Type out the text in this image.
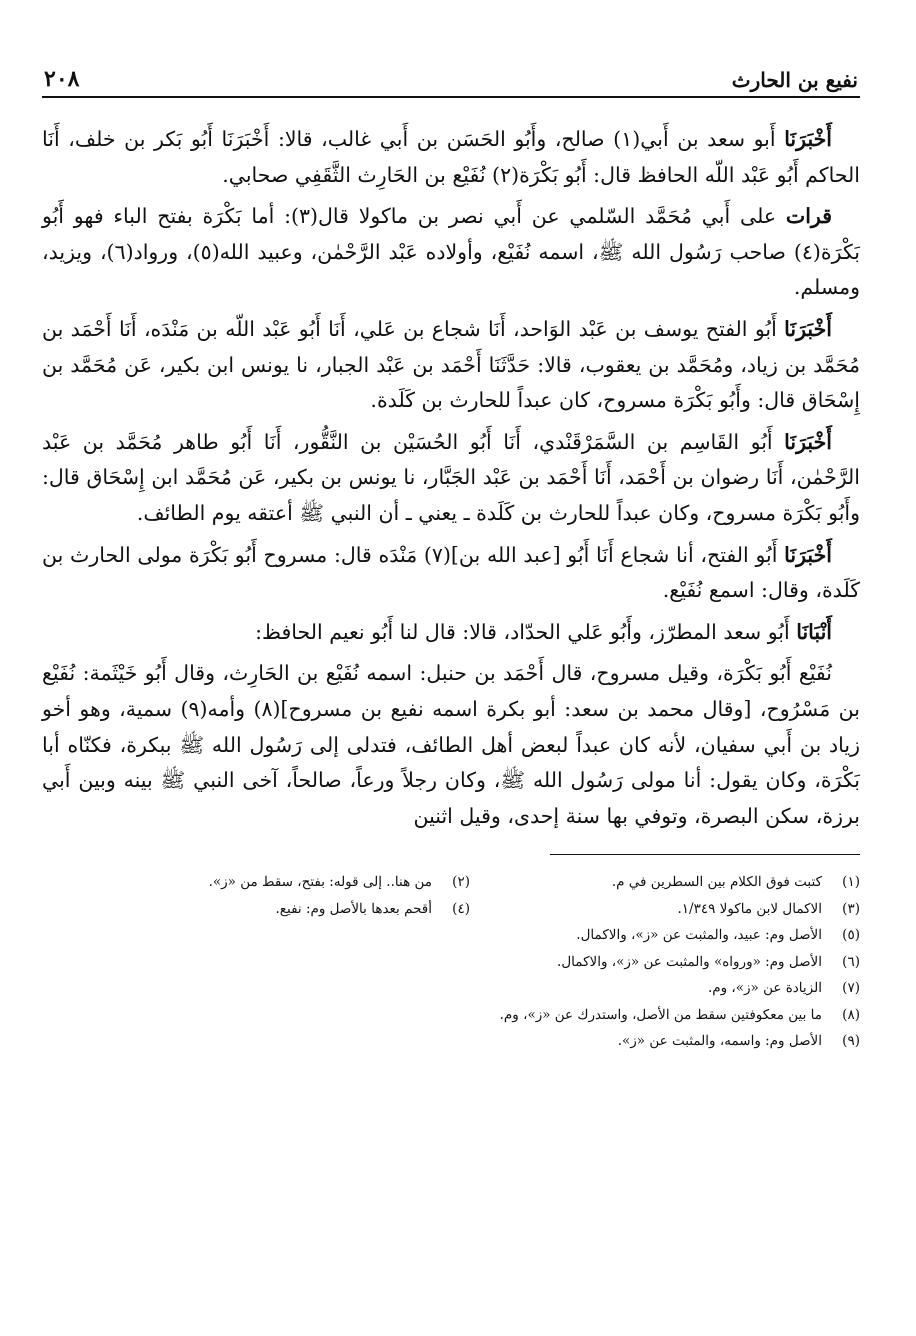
نفيع بن الحارث
٢٠٨

أَخْبَرَنَا أَبو سعد بن أَبي(١) صالح، وأَبُو الحَسَن بن أَبي غالب، قالا: أَخْبَرَنَا أَبُو بَكر بن خلف، أَنَا الحاكم أَبُو عَبْد اللّه الحافظ قال: أَبُو بَكْرَة(٢) نُفَيْع بن الحَارِث الثَّقَفِي صحابي.

قرات على أَبي مُحَمَّد السّلمي عن أَبي نصر بن ماكولا قال(٣): أما بَكْرَة بفتح الباء فهو أَبُو بَكْرَة(٤) صاحب رَسُول الله ﷺ، اسمه نُفَيْع، وأولاده عَبْد الرَّحْمٰن، وعبيد الله(٥)، ورواد(٦)، ويزيد، ومسلم.

أَخْبَرَنَا أَبُو الفتح يوسف بن عَبْد الوَاحد، أَنَا شجاع بن عَلي، أَنَا أَبُو عَبْد اللّه بن مَنْدَه، أَنَا أَحْمَد بن مُحَمَّد بن زياد، ومُحَمَّد بن يعقوب، قالا: حَدَّثَنَا أَحْمَد بن عَبْد الجبار، نا يونس ابن بكير، عَن مُحَمَّد بن إِسْحَاق قال: وأَبُو بَكْرَة مسروح، كان عبداً للحارث بن كَلَدة.

أَخْبَرَنَا أَبُو القَاسِم بن السَّمَرْقَنْدي، أَنَا أَبُو الحُسَيْن بن النَّقُّور، أَنَا أَبُو طاهر مُحَمَّد بن عَبْد الرَّحْمٰن، أَنَا رضوان بن أَحْمَد، أَنَا أَحْمَد بن عَبْد الجَبَّار، نا يونس بن بكير، عَن مُحَمَّد ابن إِسْحَاق قال: وأَبُو بَكْرَة مسروح، وكان عبداً للحارث بن كَلَدة ـ يعني ـ أن النبي ﷺ أعتقه يوم الطائف.

أَخْبَرَنَا أَبُو الفتح، أنا شجاع أَنَا أَبُو [عبد الله بن](٧) مَنْدَه قال: مسروح أَبُو بَكْرَة مولى الحارث بن كَلَدة، وقال: اسمع نُفَيْع.

أَنْبَانَا أَبُو سعد المطرّز، وأَبُو عَلي الحدّاد، قالا: قال لنا أَبُو نعيم الحافظ:

نُفَيْع أَبُو بَكْرَة، وقيل مسروح، قال أَحْمَد بن حنبل: اسمه نُفَيْع بن الحَارِث، وقال أَبُو خَيْثَمة: نُفَيْع بن مَسْرُوح، [وقال محمد بن سعد: أبو بكرة اسمه نفيع بن مسروح](٨) وأمه(٩) سمية، وهو أخو زياد بن أَبي سفيان، لأنه كان عبداً لبعض أهل الطائف، فتدلى إلى رَسُول الله ﷺ ببكرة، فكنّاه أبا بَكْرَة، وكان يقول: أنا مولى رَسُول الله ﷺ، وكان رجلاً ورعاً، صالحاً، آخى النبي ﷺ بينه وبين أَبي برزة، سكن البصرة، وتوفي بها سنة إحدى، وقيل اثنين

(١)
كتبت فوق الكلام بين السطرين في م.
(٢)
من هنا.. إلى قوله: بفتح، سقط من «ز».
(٣)
الاكمال لابن ماكولا ١/٣٤٩.
(٤)
أقحم بعدها بالأصل وم: نفيع.
(٥)
الأصل وم: عبيد، والمثبت عن «ز»، والاكمال.
(٦)
الأصل وم: «ورواه» والمثبت عن «ز»، والاكمال.
(٧)
الزيادة عن «ز»، وم.
(٨)
ما بين معكوفتين سقط من الأصل، واستدرك عن «ز»، وم.
(٩)
الأصل وم: واسمه، والمثبت عن «ز».
